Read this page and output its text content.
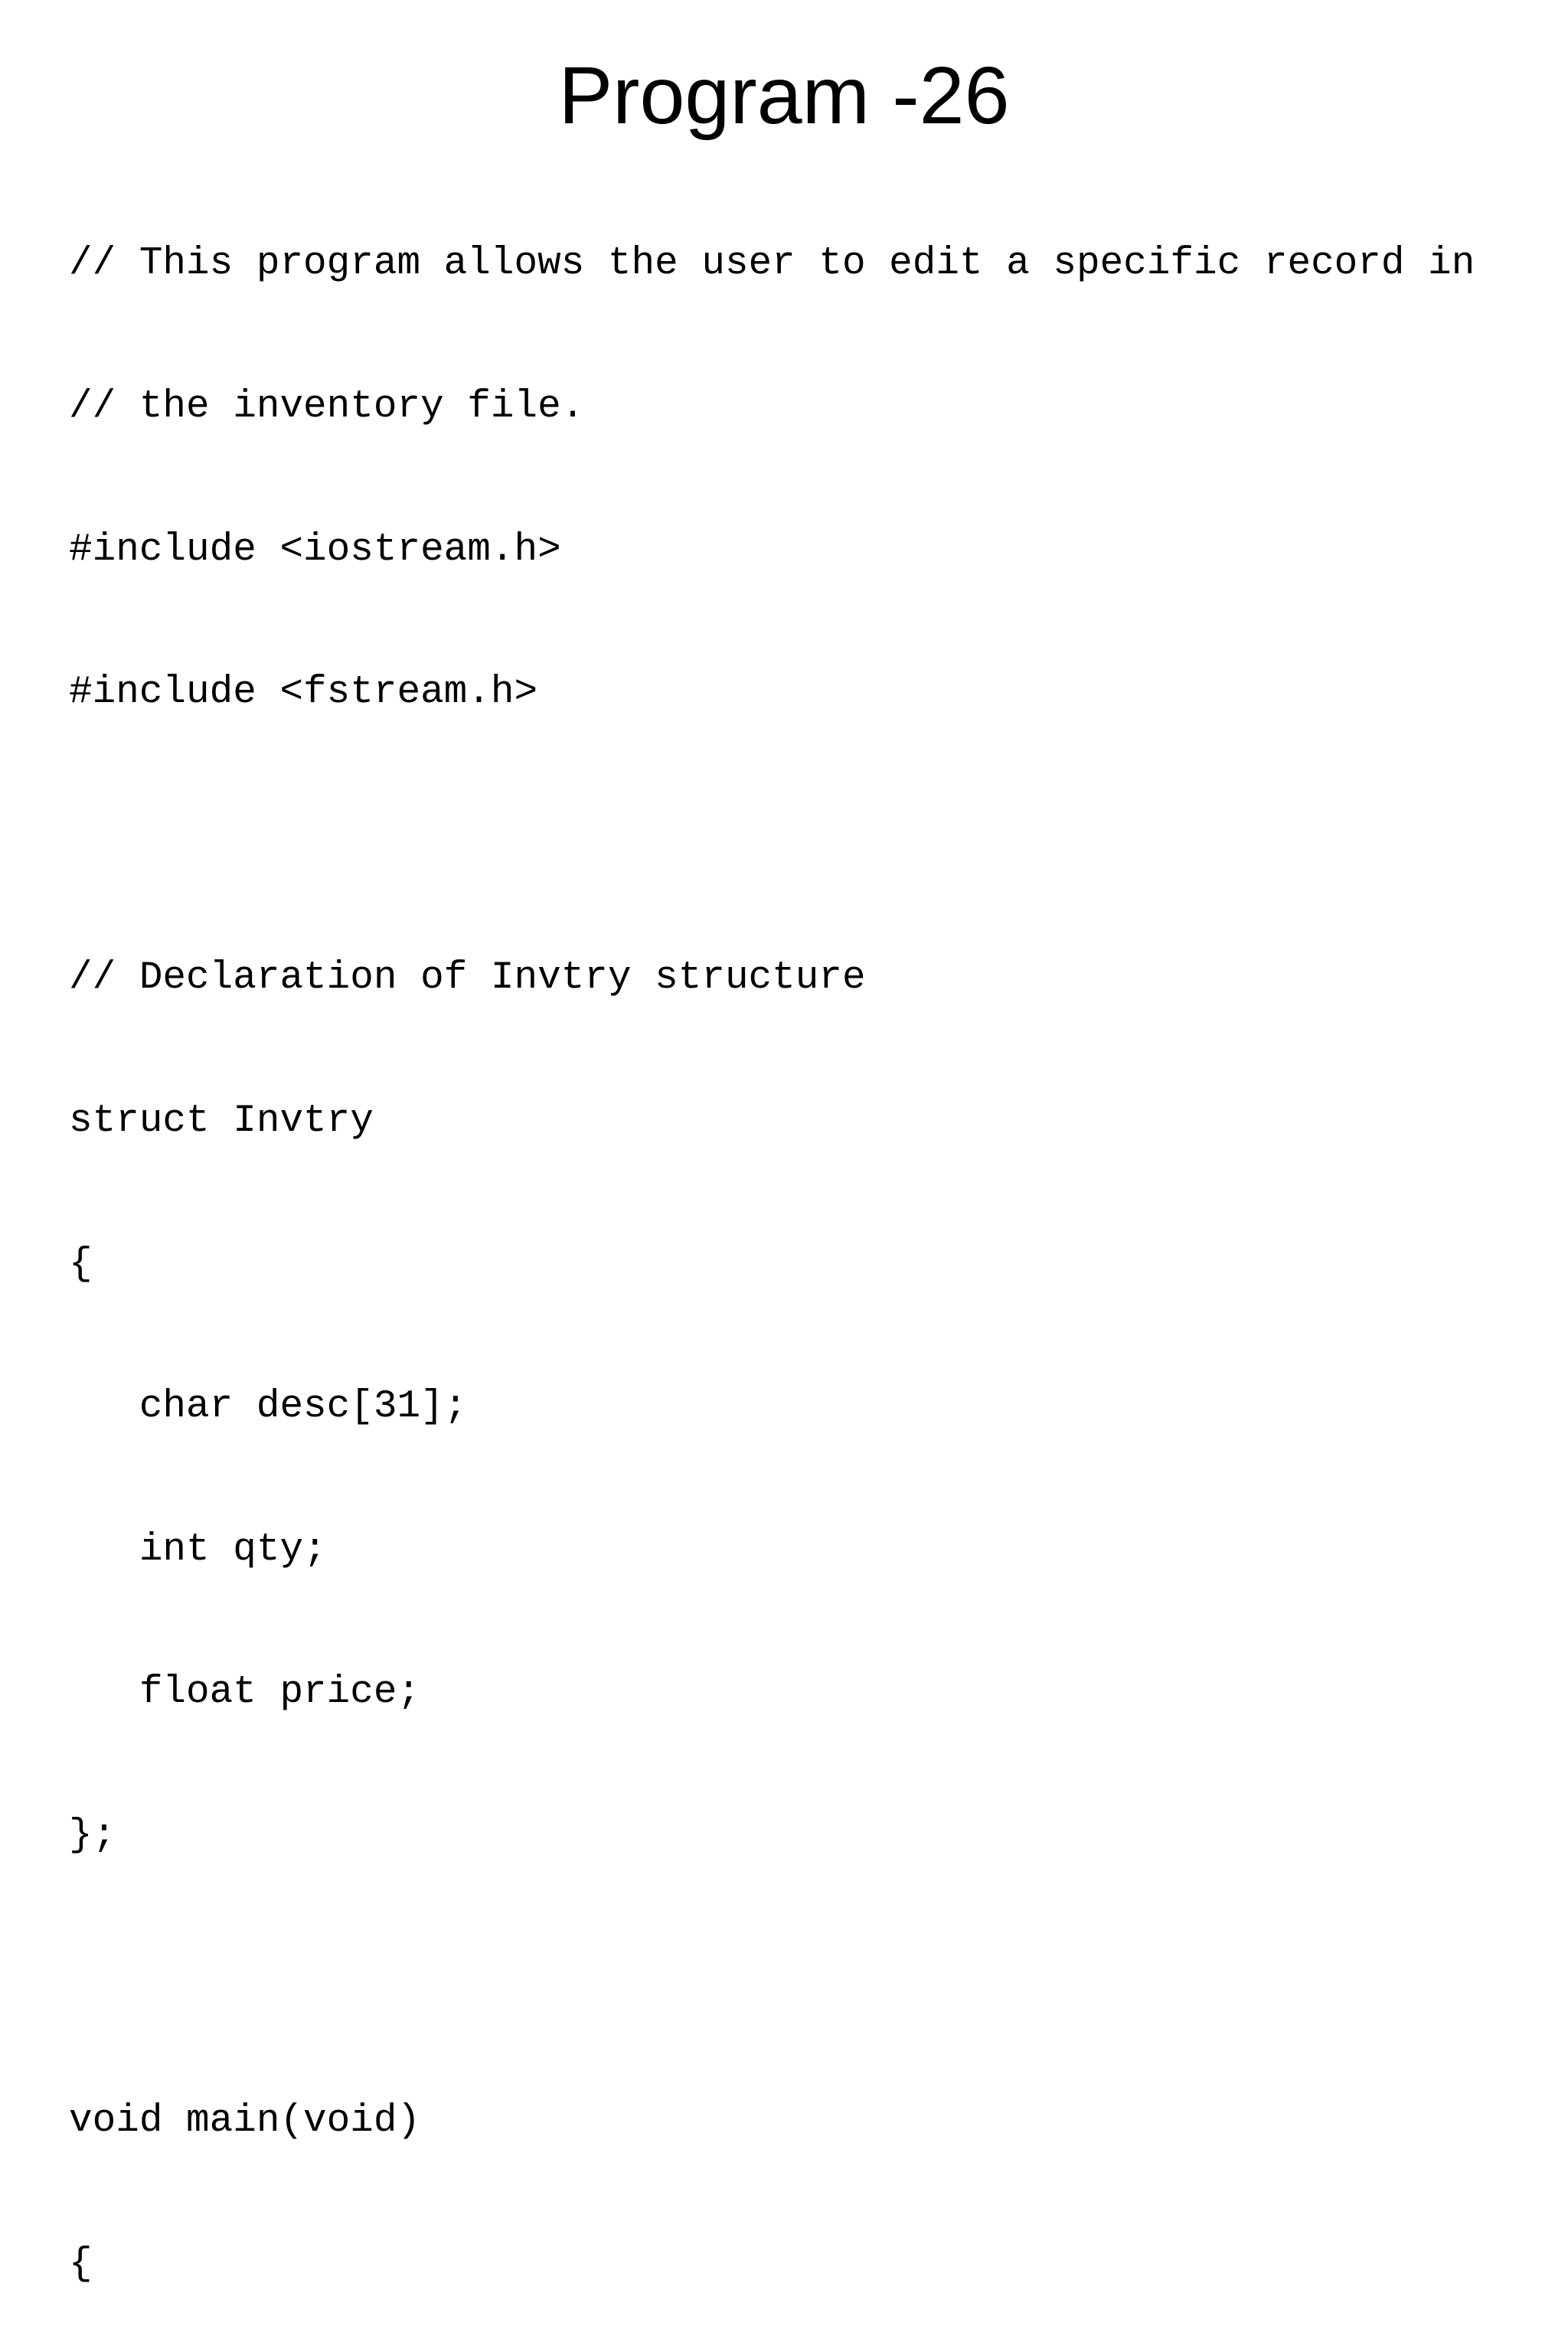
Program -26

// This program allows the user to edit a specific record in

// the inventory file.

#include <iostream.h>

#include <fstream.h>

// Declaration of Invtry structure

struct Invtry

{

char desc[31];

int qty;

float price;

};

void main(void)

{
